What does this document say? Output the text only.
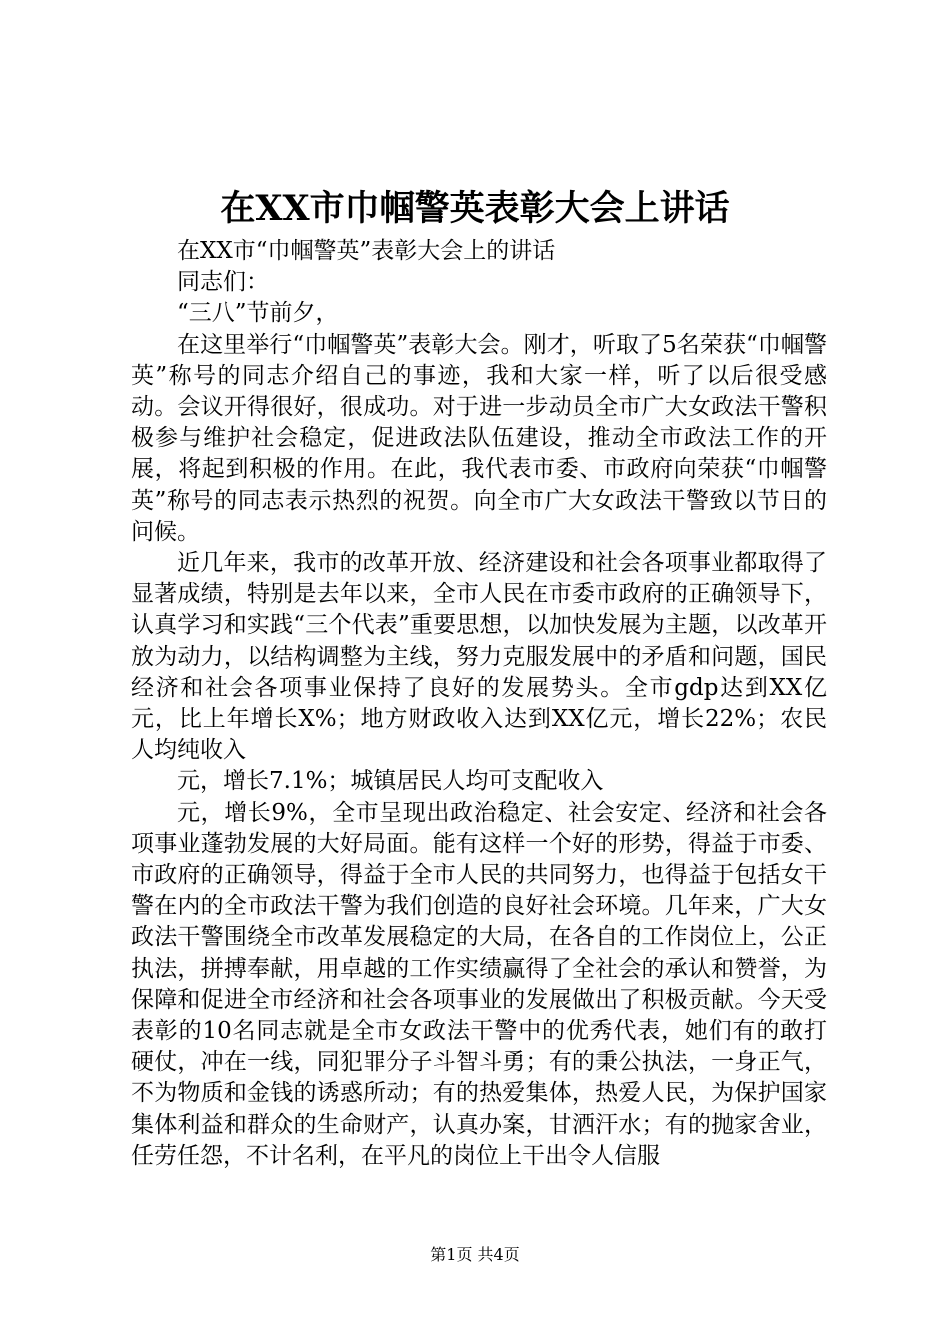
在XX市巾帼警英表彰大会上讲话

在XX市“巾帼警英”表彰大会上的讲话

同志们：

“三八”节前夕，

在这里举行“巾帼警英”表彰大会。刚才，听取了5名荣获“巾帼警英”称号的同志介绍自己的事迹，我和大家一样，听了以后很受感动。会议开得很好，很成功。对于进一步动员全市广大女政法干警积极参与维护社会稳定，促进政法队伍建设，推动全市政法工作的开展，将起到积极的作用。在此，我代表市委、市政府向荣获“巾帼警英”称号的同志表示热烈的祝贺。向全市广大女政法干警致以节日的问候。

近几年来，我市的改革开放、经济建设和社会各项事业都取得了显著成绩，特别是去年以来，全市人民在市委市政府的正确领导下，认真学习和实践“三个代表”重要思想，以加快发展为主题，以改革开放为动力，以结构调整为主线，努力克服发展中的矛盾和问题，国民经济和社会各项事业保持了良好的发展势头。全市gdp达到XX亿元，比上年增长X%；地方财政收入达到XX亿元，增长22%；农民人均纯收入

元，增长7.1%；城镇居民人均可支配收入

元，增长9%，全市呈现出政治稳定、社会安定、经济和社会各项事业蓬勃发展的大好局面。能有这样一个好的形势，得益于市委、市政府的正确领导，得益于全市人民的共同努力，也得益于包括女干警在内的全市政法干警为我们创造的良好社会环境。几年来，广大女政法干警围绕全市改革发展稳定的大局，在各自的工作岗位上，公正执法，拼搏奉献，用卓越的工作实绩赢得了全社会的承认和赞誉，为保障和促进全市经济和社会各项事业的发展做出了积极贡献。今天受表彰的10名同志就是全市女政法干警中的优秀代表，她们有的敢打硬仗，冲在一线，同犯罪分子斗智斗勇；有的秉公执法，一身正气，不为物质和金钱的诱惑所动；有的热爱集体，热爱人民，为保护国家集体利益和群众的生命财产，认真办案，甘洒汗水；有的抛家舍业，任劳任怨，不计名利，在平凡的岗位上干出令人信服

第1页 共4页
